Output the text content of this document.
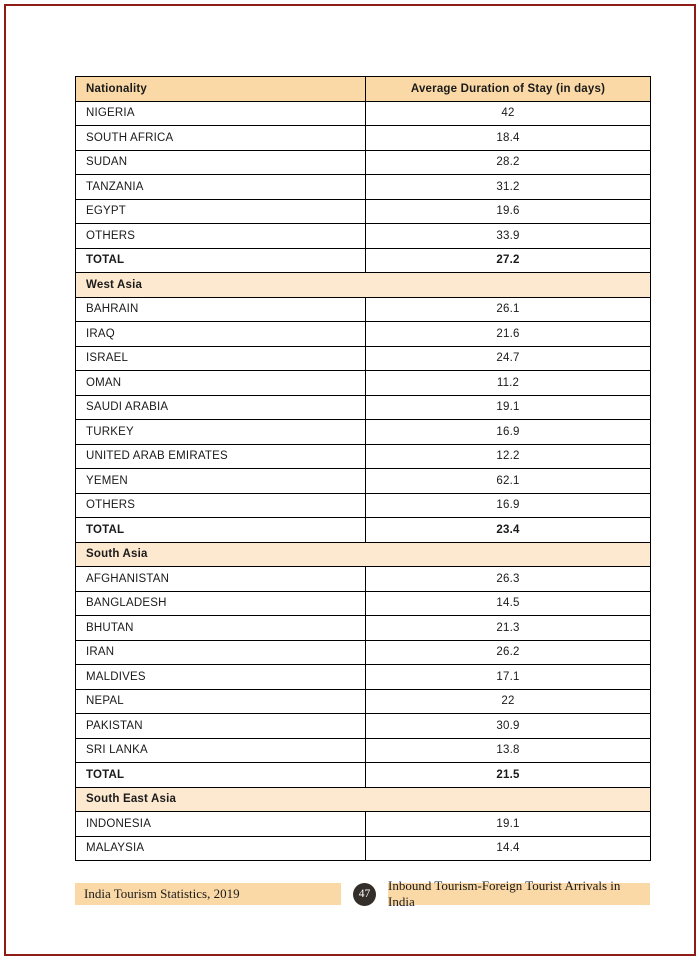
Nationality	Average Duration of Stay (in days)
NIGERIA	42
SOUTH AFRICA	18.4
SUDAN	28.2
TANZANIA	31.2
EGYPT	19.6
OTHERS	33.9
TOTAL	27.2
West Asia	
BAHRAIN	26.1
IRAQ	21.6
ISRAEL	24.7
OMAN	11.2
SAUDI ARABIA	19.1
TURKEY	16.9
UNITED ARAB EMIRATES	12.2
YEMEN	62.1
OTHERS	16.9
TOTAL	23.4
South Asia	
AFGHANISTAN	26.3
BANGLADESH	14.5
BHUTAN	21.3
IRAN	26.2
MALDIVES	17.1
NEPAL	22
PAKISTAN	30.9
SRI LANKA	13.8
TOTAL	21.5
South East Asia	
INDONESIA	19.1
MALAYSIA	14.4
India Tourism Statistics, 2019	47
Inbound Tourism-Foreign Tourist Arrivals in India
